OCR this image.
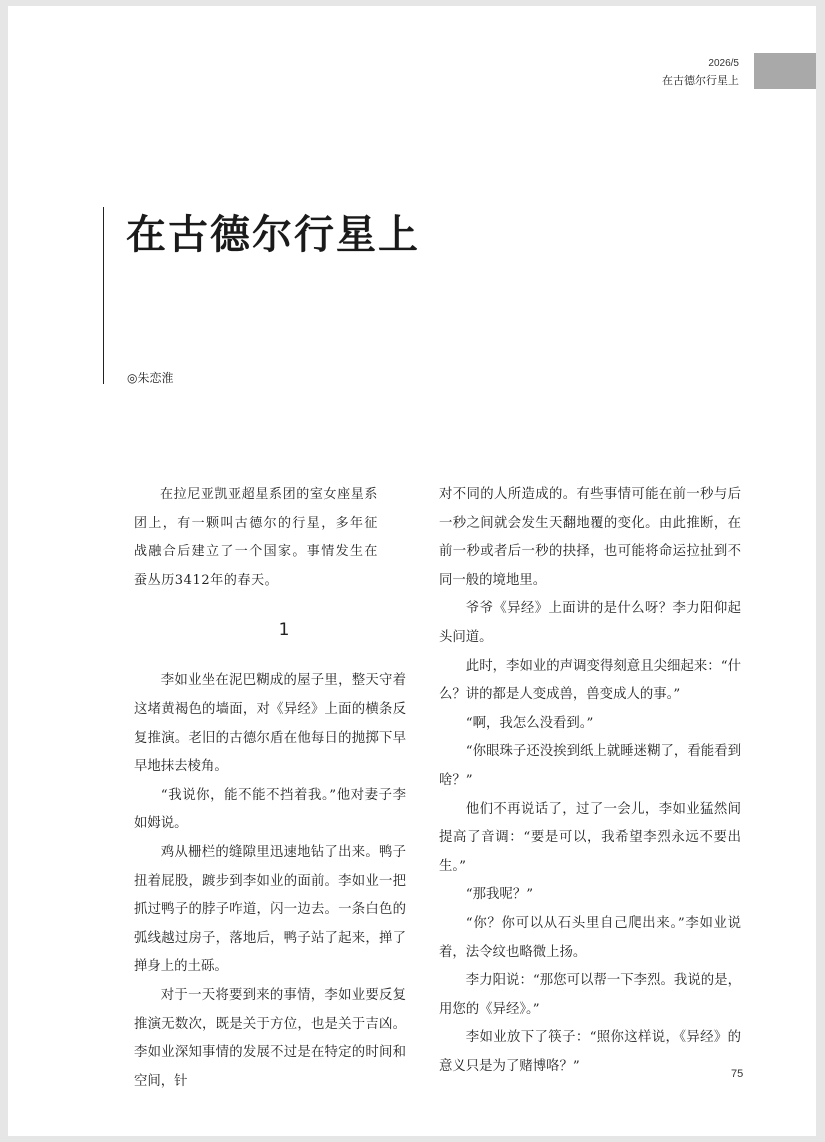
2026/5
在古德尔行星上
在古德尔行星上
◎朱恋淮

在拉尼亚凯亚超星系团的室女座星系团上，有一颗叫古德尔的行星，多年征战融合后建立了一个国家。事情发生在蚕丛历3412年的春天。

1

李如业坐在泥巴糊成的屋子里，整天守着这堵黄褐色的墙面，对《异经》上面的横条反复推演。老旧的古德尔盾在他每日的抛掷下早早地抹去棱角。

“我说你，能不能不挡着我。”他对妻子李如姆说。

鸡从栅栏的缝隙里迅速地钻了出来。鸭子扭着屁股，踱步到李如业的面前。李如业一把抓过鸭子的脖子咋道，闪一边去。一条白色的弧线越过房子，落地后，鸭子站了起来，掸了掸身上的土砾。

对于一天将要到来的事情，李如业要反复推演无数次，既是关于方位，也是关于吉凶。李如业深知事情的发展不过是在特定的时间和空间，针

对不同的人所造成的。有些事情可能在前一秒与后一秒之间就会发生天翻地覆的变化。由此推断，在前一秒或者后一秒的抉择，也可能将命运拉扯到不同一般的境地里。

爷爷《异经》上面讲的是什么呀？李力阳仰起头问道。

此时，李如业的声调变得刻意且尖细起来：“什么？讲的都是人变成兽，兽变成人的事。”

“啊，我怎么没看到。”

“你眼珠子还没挨到纸上就睡迷糊了，看能看到啥？”

他们不再说话了，过了一会儿，李如业猛然间提高了音调：“要是可以，我希望李烈永远不要出生。”

“那我呢？”

“你？你可以从石头里自己爬出来。”李如业说着，法令纹也略微上扬。

李力阳说：“那您可以帮一下李烈。我说的是，用您的《异经》。”

李如业放下了筷子：“照你这样说，《异经》的意义只是为了赌博咯？”

75
